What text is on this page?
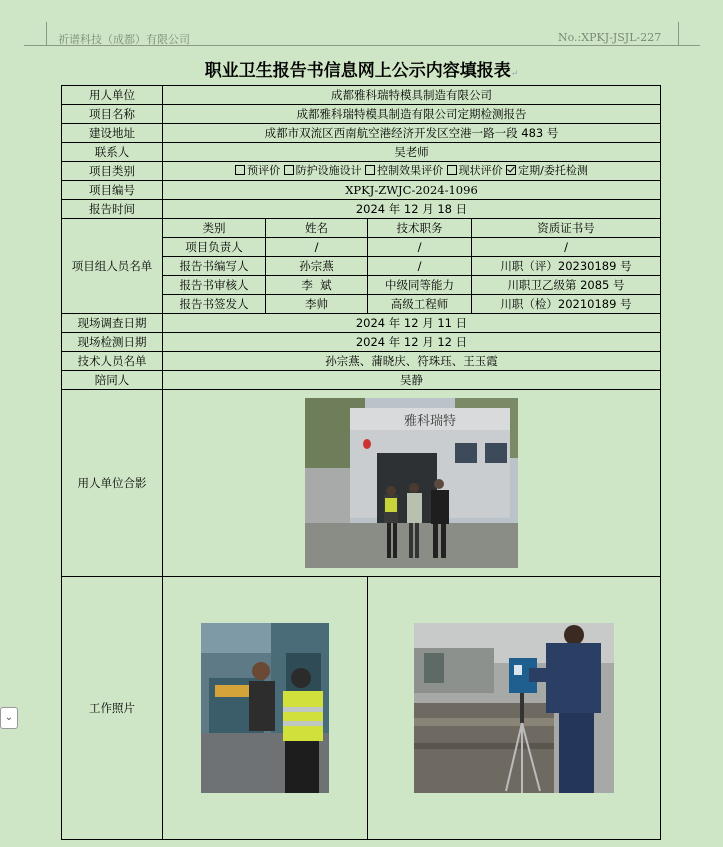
祈谱科技（成都）有限公司	No.:XPKJ-JSJL-227
职业卫生报告书信息网上公示内容填报表↵
用人单位	成都雅科瑞特模具制造有限公司			
项目名称	成都雅科瑞特模具制造有限公司定期检测报告			
建设地址	成都市双流区西南航空港经济开发区空港一路一段 483 号			
联系人	吴老师			
项目类别	预评价 防护设施设计 控制效果评价 现状评价 定期/委托检测			
项目编号	XPKJ-ZWJC-2024-1096			
报告时间	2024 年 12 月 18 日			
项目组人员名单	类别	姓名	技术职务	资质证书号
	项目负责人	/	/	/
	报告书编写人	孙宗燕	/	川职（评）20230189 号
	报告书审核人	李  斌	中级同等能力	川职卫乙级第 2085 号
	报告书签发人	李帅	高级工程师	川职（检）20210189 号
现场调查日期	2024 年 12 月 11 日			
现场检测日期	2024 年 12 月 12 日			
技术人员名单	孙宗燕、蒲晓庆、符珠珏、王玉霞			
陪同人	吴静			
用人单位合影	雅科瑞特			

工作照片	

⌄
